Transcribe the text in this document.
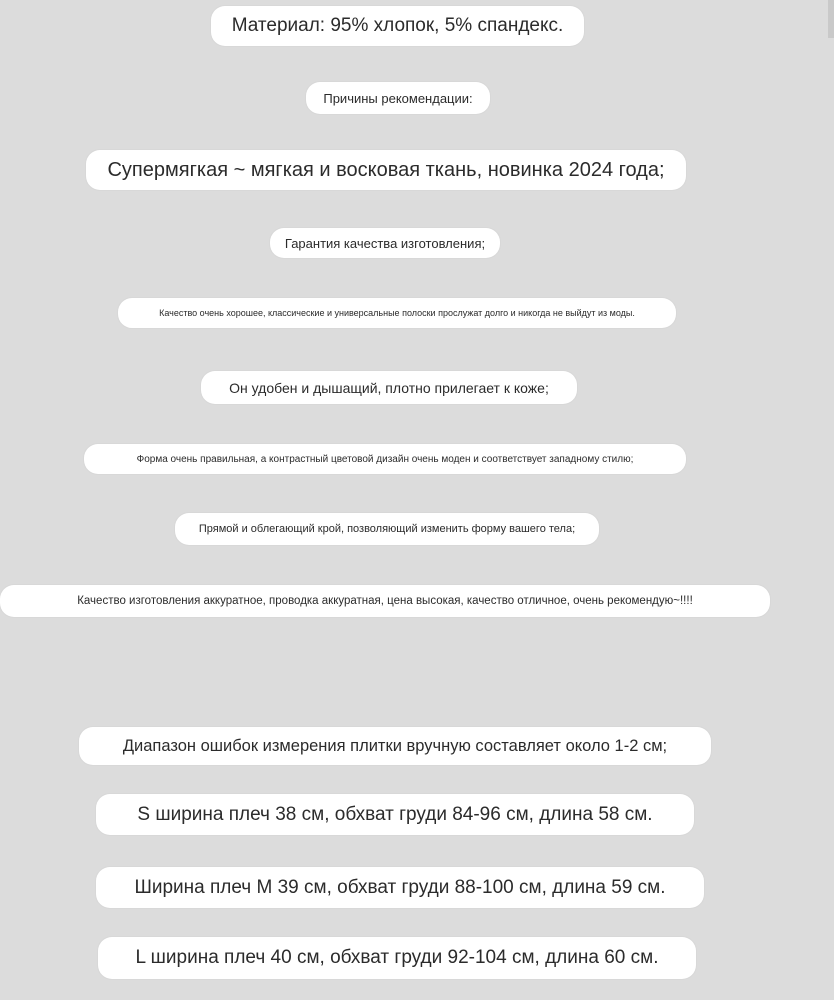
Материал: 95% хлопок, 5% спандекс.
Причины рекомендации:
Супермягкая ~ мягкая и восковая ткань, новинка 2024 года;
Гарантия качества изготовления;
Качество очень хорошее, классические и универсальные полоски прослужат долго и никогда не выйдут из моды.
Он удобен и дышащий, плотно прилегает к коже;
Форма очень правильная, а контрастный цветовой дизайн очень моден и соответствует западному стилю;
Прямой и облегающий крой, позволяющий изменить форму вашего тела;
Качество изготовления аккуратное, проводка аккуратная, цена высокая, качество отличное, очень рекомендую~!!!!
Диапазон ошибок измерения плитки вручную составляет около 1-2 см;
S ширина плеч 38 см, обхват груди 84-96 см, длина 58 см.
Ширина плеч M 39 см, обхват груди 88-100 см, длина 59 см.
L ширина плеч 40 см, обхват груди 92-104 см, длина 60 см.
